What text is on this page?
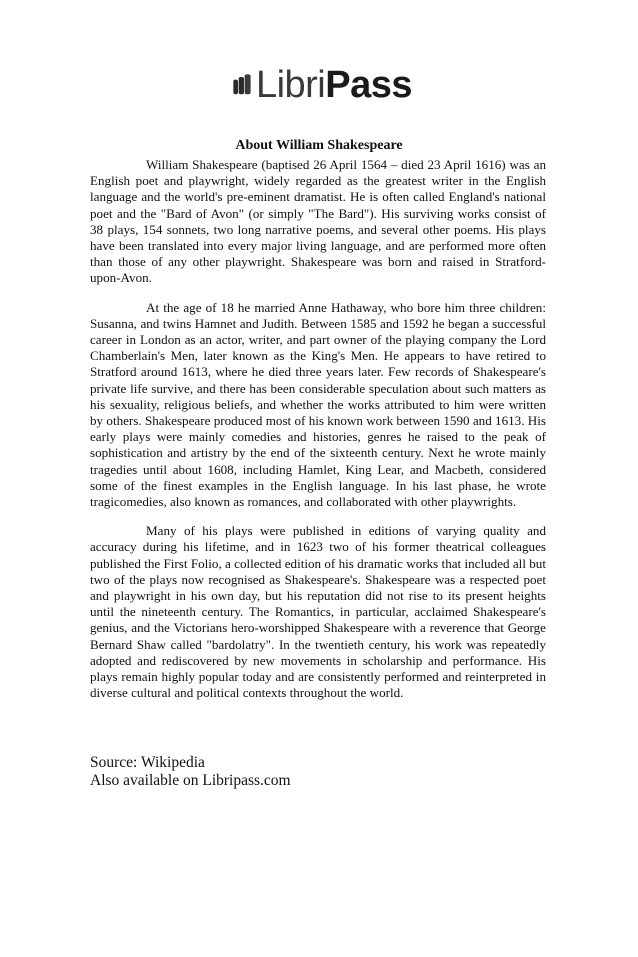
LibriPass
About William Shakespeare

William Shakespeare (baptised 26 April 1564 – died 23 April 1616) was an English poet and playwright, widely regarded as the greatest writer in the English language and the world's pre-eminent dramatist. He is often called England's national poet and the "Bard of Avon" (or simply "The Bard"). His surviving works consist of 38 plays, 154 sonnets, two long narrative poems, and several other poems. His plays have been translated into every major living language, and are performed more often than those of any other playwright. Shakespeare was born and raised in Stratford-upon-Avon.

At the age of 18 he married Anne Hathaway, who bore him three children: Susanna, and twins Hamnet and Judith. Between 1585 and 1592 he began a successful career in London as an actor, writer, and part owner of the playing company the Lord Chamberlain's Men, later known as the King's Men. He appears to have retired to Stratford around 1613, where he died three years later. Few records of Shakespeare's private life survive, and there has been considerable speculation about such matters as his sexuality, religious beliefs, and whether the works attributed to him were written by others. Shakespeare produced most of his known work between 1590 and 1613. His early plays were mainly comedies and histories, genres he raised to the peak of sophistication and artistry by the end of the sixteenth century. Next he wrote mainly tragedies until about 1608, including Hamlet, King Lear, and Macbeth, considered some of the finest examples in the English language. In his last phase, he wrote tragicomedies, also known as romances, and collaborated with other playwrights.

Many of his plays were published in editions of varying quality and accuracy during his lifetime, and in 1623 two of his former theatrical colleagues published the First Folio, a collected edition of his dramatic works that included all but two of the plays now recognised as Shakespeare's. Shakespeare was a respected poet and playwright in his own day, but his reputation did not rise to its present heights until the nineteenth century. The Romantics, in particular, acclaimed Shakespeare's genius, and the Victorians hero-worshipped Shakespeare with a reverence that George Bernard Shaw called "bardolatry". In the twentieth century, his work was repeatedly adopted and rediscovered by new movements in scholarship and performance. His plays remain highly popular today and are consistently performed and reinterpreted in diverse cultural and political contexts throughout the world.

Source: Wikipedia
Also available on Libripass.com
